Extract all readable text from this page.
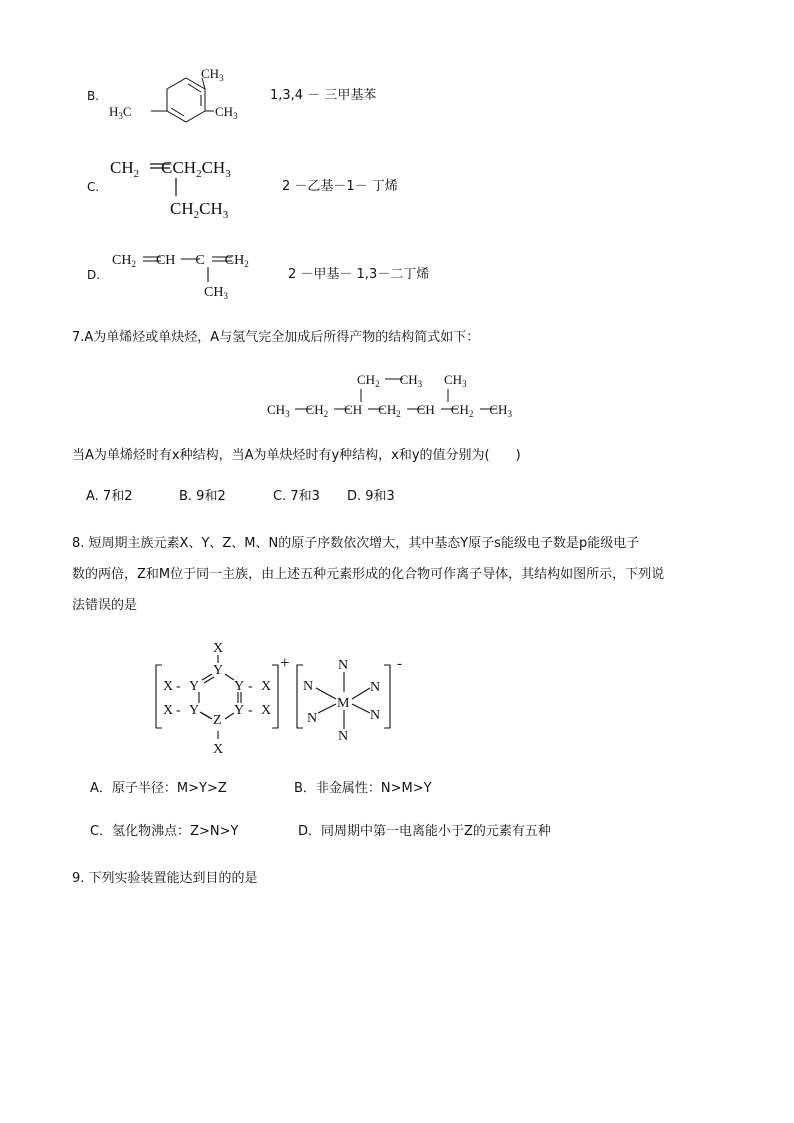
B.
$CH_3$
$H_3C$	$CH_3$
1,3,4 － 三甲基苯
C.
$CH_2$ $CCH_2CH_3$
$CH_2CH_3$
2 －乙基－1－ 丁烯
D.
$CH_2$ CH C $CH_2$
$CH_3$
2 －甲基－ 1,3－二丁烯
7.A为单烯烃或单炔烃，A与氢气完全加成后所得产物的结构简式如下：
$CH_2$ $CH_3$ $CH_3$
$CH_3$ $CH_2$ CH $CH_2$ CH $CH_2$ $CH_3$
当A为单烯烃时有x种结构，当A为单炔烃时有y种结构，x和y的值分别为(　　)
A. 7和2	B. 9和2	C. 7和3 D. 9和3
8. 短周期主族元素X、Y、Z、M、N的原子序数依次增大，其中基态Y原子s能级电子数是p能级电子
数的两倍，Z和M位于同一主族，由上述五种元素形成的化合物可作离子导体，其结构如图所示，下列说
法错误的是
X
Y
X - Y Y - X
X - Y Y - X
Z
X
N
N	N
M
N	N
N
+	-
A．原子半径：M>Y>Z	B．非金属性：N>M>Y
C．氢化物沸点：Z>N>Y	D．同周期中第一电离能小于Z的元素有五种
9. 下列实验装置能达到目的的是
